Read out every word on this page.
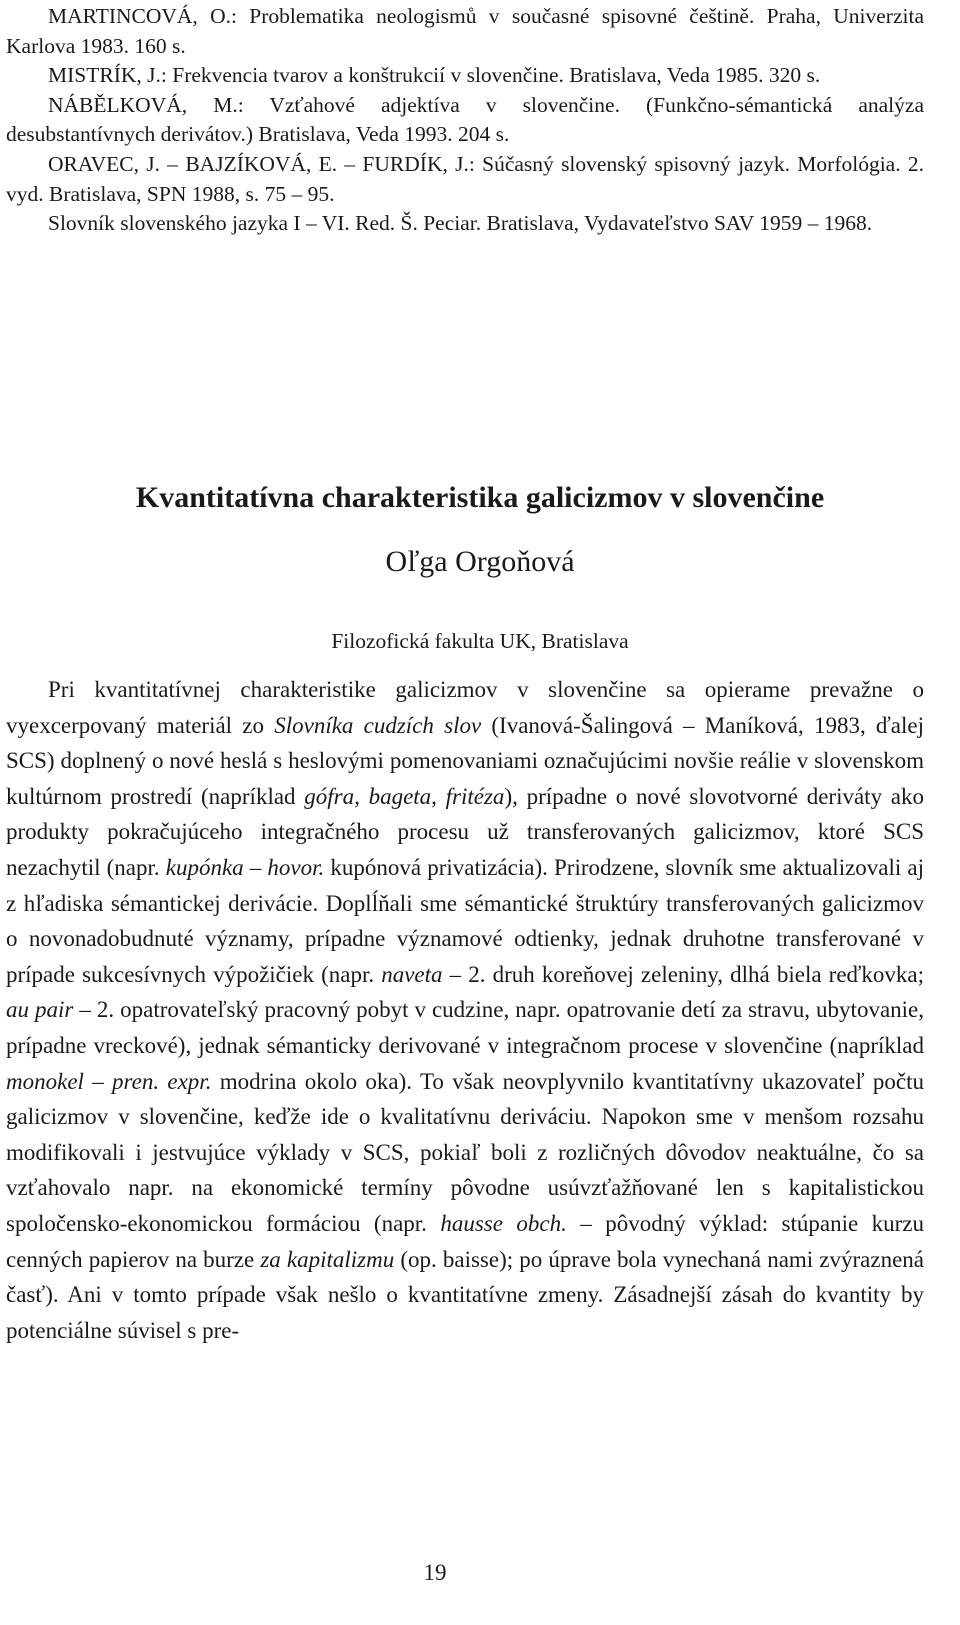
MARTINCOVÁ, O.: Problematika neologismů v současné spisovné češtině. Praha, Univerzita Karlova 1983. 160 s.

MISTRÍK, J.: Frekvencia tvarov a konštrukcií v slovenčine. Bratislava, Veda 1985. 320 s.

NÁBĚLKOVÁ, M.: Vzťahové adjektíva v slovenčine. (Funkčno-sémantická analýza desubstantívnych derivátov.) Bratislava, Veda 1993. 204 s.

ORAVEC, J. – BAJZÍKOVÁ, E. – FURDÍK, J.: Súčasný slovenský spisovný jazyk. Morfológia. 2. vyd. Bratislava, SPN 1988, s. 75 – 95.

Slovník slovenského jazyka I – VI. Red. Š. Peciar. Bratislava, Vydavateľstvo SAV 1959 – 1968.

Kvantitatívna charakteristika galicizmov v slovenčine

Oľga Orgoňová

Filozofická fakulta UK, Bratislava

Pri kvantitatívnej charakteristike galicizmov v slovenčine sa opierame prevažne o vyexcerpovaný materiál zo Slovníka cudzích slov (Ivanová-Šalingová – Maníková, 1983, ďalej SCS) doplnený o nové heslá s heslovými pomenovaniami označujúcimi novšie reálie v slovenskom kultúrnom prostredí (napríklad gófra, bageta, fritéza), prípadne o nové slovotvorné deriváty ako produkty pokračujúceho integračného procesu už transferovaných galicizmov, ktoré SCS nezachytil (napr. kupónka – hovor. kupónová privatizácia). Prirodzene, slovník sme aktualizovali aj z hľadiska sémantickej derivácie. Doplĺňali sme sémantické štruktúry transferovaných galicizmov o novonadobudnuté významy, prípadne významové odtienky, jednak druhotne transferované v prípade sukcesívnych výpožičiek (napr. naveta – 2. druh koreňovej zeleniny, dlhá biela reďkovka; au pair – 2. opatrovateľský pracovný pobyt v cudzine, napr. opatrovanie detí za stravu, ubytovanie, prípadne vreckové), jednak sémanticky derivované v integračnom procese v slovenčine (napríklad monokel – pren. expr. modrina okolo oka). To však neovplyvnilo kvantitatívny ukazovateľ počtu galicizmov v slovenčine, keďže ide o kvalitatívnu deriváciu. Napokon sme v menšom rozsahu modifikovali i jestvujúce výklady v SCS, pokiaľ boli z rozličných dôvodov neaktuálne, čo sa vzťahovalo napr. na ekonomické termíny pôvodne usúvzťažňované len s kapitalistickou spoločensko-ekonomickou formáciou (napr. hausse obch. – pôvodný výklad: stúpanie kurzu cenných papierov na burze za kapitalizmu (op. baisse); po úprave bola vynechaná nami zvýraznená časť). Ani v tomto prípade však nešlo o kvantitatívne zmeny. Zásadnejší zásah do kvantity by potenciálne súvisel s pre-

19
